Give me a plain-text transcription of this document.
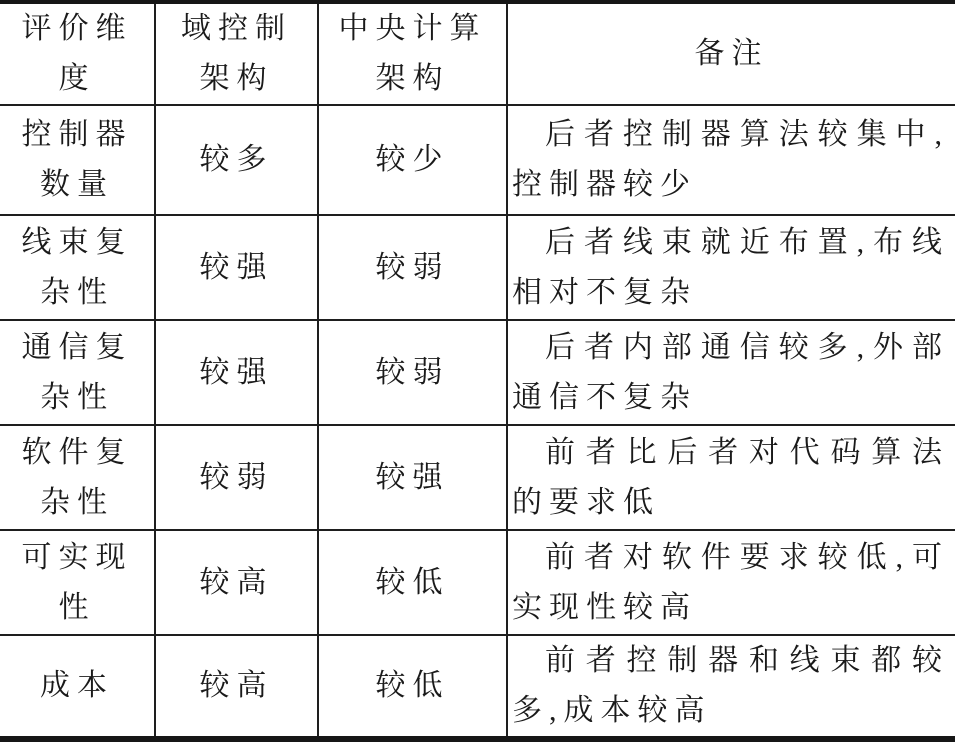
评价维度	域控制架构	中央计算架构	备注
控制器数量	较多	较少	后者控制器算法较集中,控制器较少

线束复杂性	较强	较弱	后者线束就近布置,布线相对不复杂

通信复杂性	较强	较弱	后者内部通信较多,外部通信不复杂

软件复杂性	较弱	较强	前者比后者对代码算法的要求低

可实现性	较高	较低	前者对软件要求较低,可实现性较高

成本	较高	较低	前者控制器和线束都较多,成本较高
